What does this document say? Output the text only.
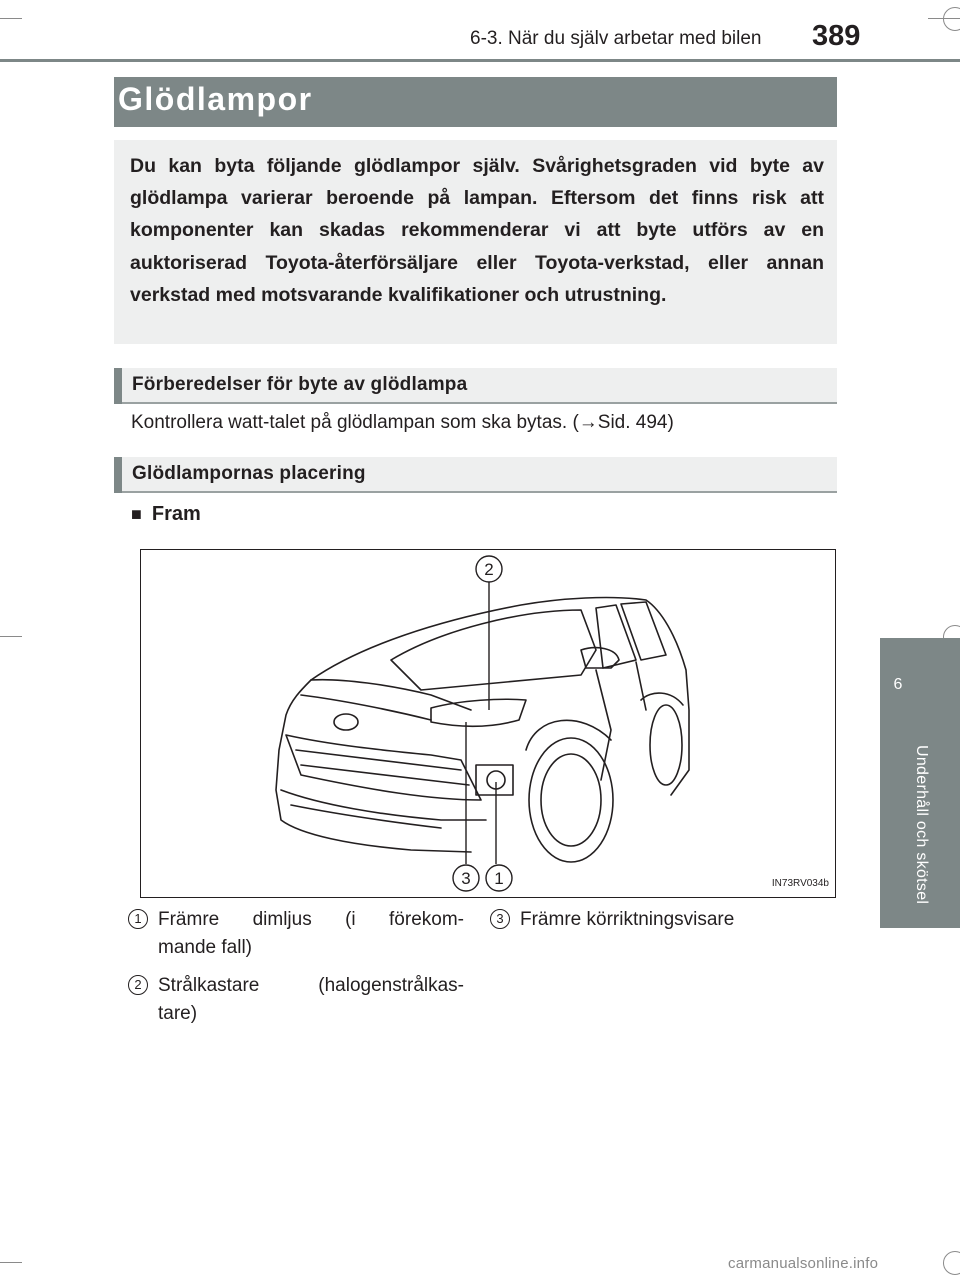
6-3. När du själv arbetar med bilen 389
6
Underhåll och skötsel
Glödlampor
Du kan byta följande glödlampor själv. Svårighetsgraden vid byte av glödlampa varierar beroende på lampan. Eftersom det finns risk att komponenter kan skadas rekommenderar vi att byte utförs av en auktoriserad Toyota-återförsäljare eller Toyota-verkstad, eller annan verkstad med motsvarande kvalifikationer och utrustning.
Förberedelser för byte av glödlampa
Kontrollera watt-talet på glödlampan som ska bytas. (→Sid. 494)
Glödlampornas placering
■ Fram
2
3 1	IN73RV034b
1 Främre dimljus (i förekom-
mande fall)
2 Strålkastare (halogenstrålkas-
tare)
3 Främre körriktningsvisare
carmanualsonline.info
